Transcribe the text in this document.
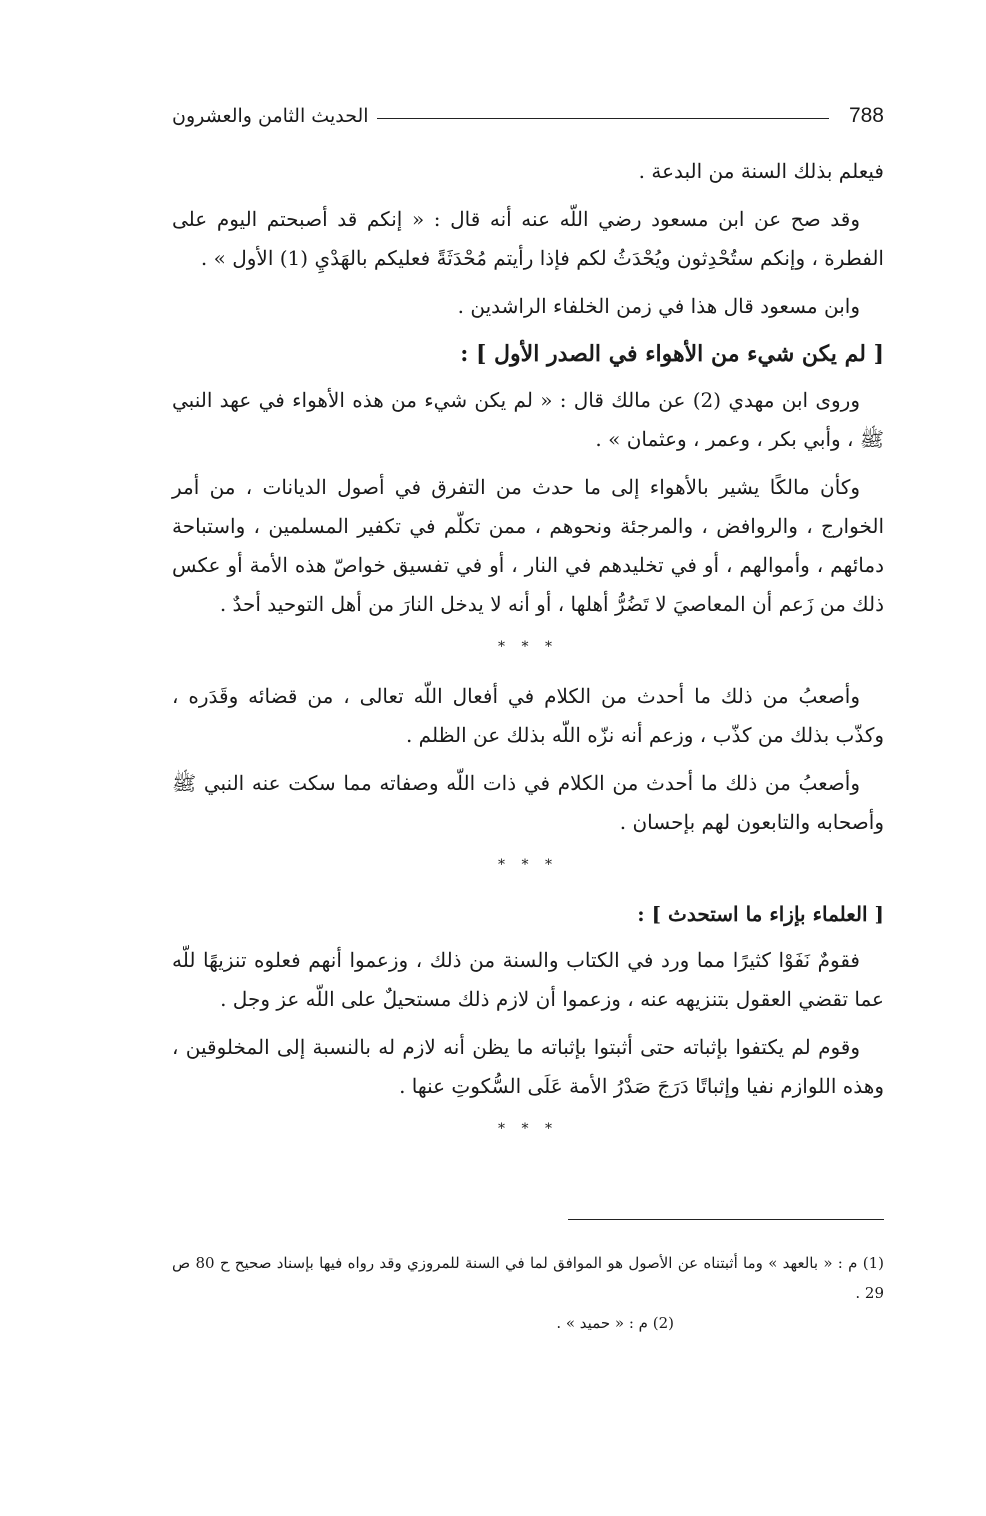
788
الحديث الثامن والعشرون

فيعلم بذلك السنة من البدعة .

وقد صح عن ابن مسعود رضي اللّه عنه أنه قال : « إنكم قد أصبحتم اليوم على الفطرة ، وإنكم ستُحْدِثون ويُحْدَثُ لكم فإذا رأيتم مُحْدَثَةً فعليكم بالهَدْيِ (1) الأول » .

وابن مسعود قال هذا في زمن الخلفاء الراشدين .

[ لم يكن شيء من الأهواء في الصدر الأول ] :

وروى ابن مهدي (2) عن مالك قال : « لم يكن شيء من هذه الأهواء في عهد النبي ﷺ ، وأبي بكر ، وعمر ، وعثمان » .

وكأن مالكًا يشير بالأهواء إلى ما حدث من التفرق في أصول الديانات ، من أمر الخوارج ، والروافض ، والمرجئة ونحوهم ، ممن تكلّم في تكفير المسلمين ، واستباحة دمائهم ، وأموالهم ، أو في تخليدهم في النار ، أو في تفسيق خواصّ هذه الأمة أو عكس ذلك من زَعم أن المعاصيَ لا تَضُرُّ أهلها ، أو أنه لا يدخل النارَ من أهل التوحيد أحدٌ .

* * *

وأصعبُ من ذلك ما أحدث من الكلام في أفعال اللّه تعالى ، من قضائه وقَدَره ، وكذّب بذلك من كذّب ، وزعم أنه نزّه اللّه بذلك عن الظلم .

وأصعبُ من ذلك ما أحدث من الكلام في ذات اللّه وصفاته مما سكت عنه النبي ﷺ وأصحابه والتابعون لهم بإحسان .

* * *
[ العلماء بإزاء ما استحدث ] :

فقومٌ نَفَوْا كثيرًا مما ورد في الكتاب والسنة من ذلك ، وزعموا أنهم فعلوه تنزيهًا للّه عما تقضي العقول بتنزيهه عنه ، وزعموا أن لازم ذلك مستحيلٌ على اللّه عز وجل .

وقوم لم يكتفوا بإثباته حتى أثبتوا بإثباته ما يظن أنه لازم له بالنسبة إلى المخلوقين ، وهذه اللوازم نفيا وإثباتًا دَرَجَ صَدْرُ الأمة عَلَى السُّكوتِ عنها .

* * *

(1) م : « بالعهد » وما أثبتناه عن الأصول هو الموافق لما في السنة للمروزي وقد رواه فيها بإسناد صحيح ح 80 ص 29 .

(2) م : « حميد » .
